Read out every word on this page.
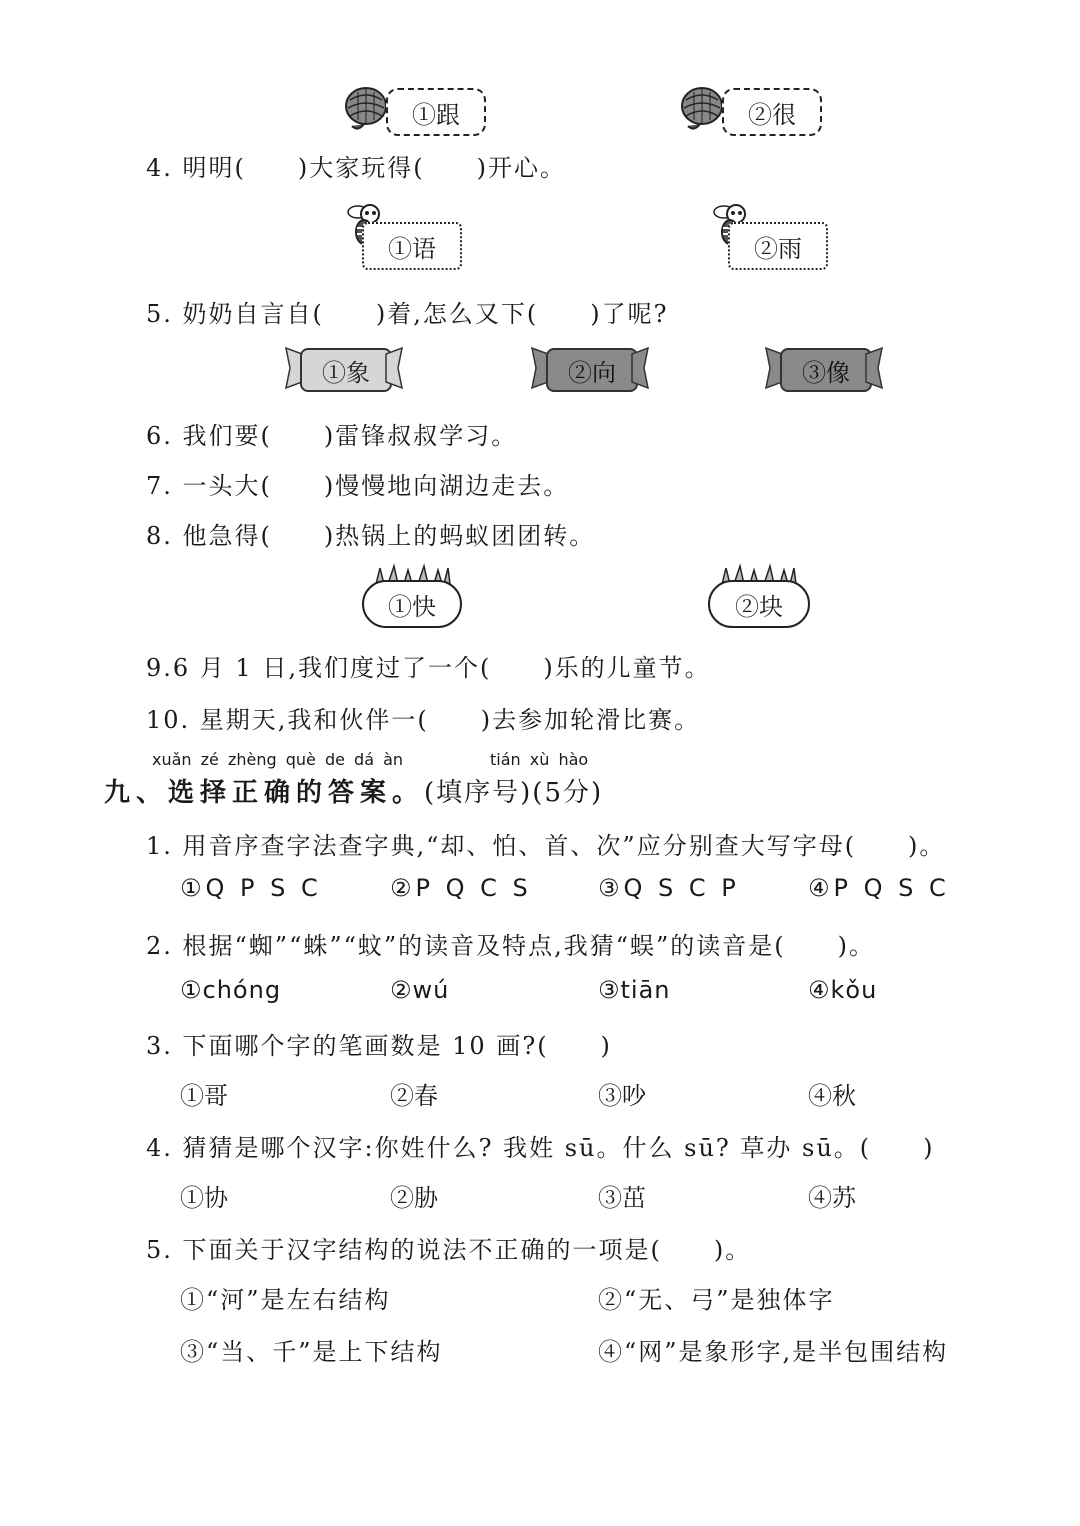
①跟	②很
4. 明明(　　)大家玩得(　　)开心。
①语	②雨
5. 奶奶自言自(　　)着,怎么又下(　　)了呢?
①象	②向	③像
6. 我们要(　　)雷锋叔叔学习。
7. 一头大(　　)慢慢地向湖边走去。
8. 他急得(　　)热锅上的蚂蚁团团转。
①快	②块
9.6 月 1 日,我们度过了一个(　　)乐的儿童节。
10. 星期天,我和伙伴一(　　)去参加轮滑比赛。
xuǎn zé zhèng què de dá àn	tián xù hào
九、选择正确的答案。(填序号)(5分)
1. 用音序查字法查字典,“却、怕、首、次”应分别查大写字母(　　)。
①Q P S C	②P Q C S	③Q S C P	④P Q S C
2. 根据“蜘”“蛛”“蚊”的读音及特点,我猜“蜈”的读音是(　　)。
①chóng	②wú	③tiān	④kǒu
3. 下面哪个字的笔画数是 10 画?(　　)
①哥	②春	③吵	④秋
4. 猜猜是哪个汉字:你姓什么? 我姓 sū。什么 sū? 草办 sū。(　　)
①协	②胁	③茁	④苏
5. 下面关于汉字结构的说法不正确的一项是(　　)。
①“河”是左右结构	②“无、弓”是独体字
③“当、千”是上下结构	④“网”是象形字,是半包围结构
